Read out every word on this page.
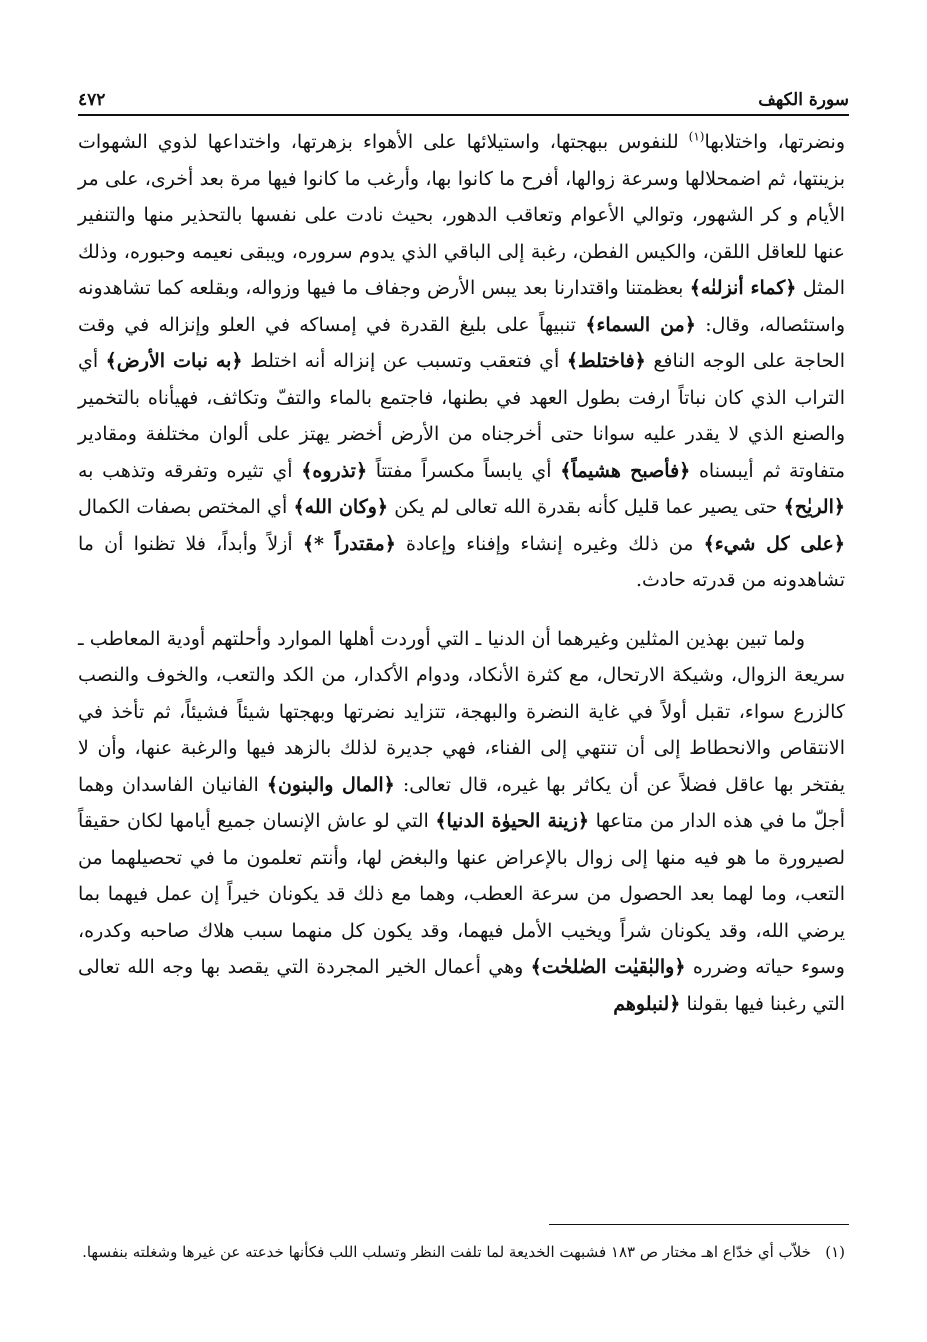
سورة الكهف
٤٧٢

ونضرتها، واختلابها$^{(١)}$ للنفوس ببهجتها، واستيلائها على الأهواء بزهرتها، واختداعها لذوي الشهوات بزينتها، ثم اضمحلالها وسرعة زوالها، أفرح ما كانوا بها، وأرغب ما كانوا فيها مرة بعد أخرى، على مر الأيام و كر الشهور، وتوالي الأعوام وتعاقب الدهور، بحيث نادت على نفسها بالتحذير منها والتنفير عنها للعاقل اللقن، والكيس الفطن، رغبة إلى الباقي الذي يدوم سروره، ويبقى نعيمه وحبوره، وذلك المثل ﴿كماء أنزلنٰه﴾ بعظمتنا واقتدارنا بعد يبس الأرض وجفاف ما فيها وزواله، وبقلعه كما تشاهدونه واستئصاله، وقال: ﴿من السماء﴾ تنبيهاً على بليغ القدرة في إمساكه في العلو وإنزاله في وقت الحاجة على الوجه النافع ﴿فاختلط﴾ أي فتعقب وتسبب عن إنزاله أنه اختلط ﴿به نبات الأرض﴾ أي التراب الذي كان نباتاً ارفت بطول العهد في بطنها، فاجتمع بالماء والتفّ وتكاثف، فهيأناه بالتخمير والصنع الذي لا يقدر عليه سوانا حتى أخرجناه من الأرض أخضر يهتز على ألوان مختلفة ومقادير متفاوتة ثم أيبسناه ﴿فأصبح هشيماً﴾ أي يابساً مكسراً مفتتاً ﴿تذروه﴾ أي تثيره وتفرقه وتذهب به ﴿الريٰح﴾ حتى يصير عما قليل كأنه بقدرة الله تعالى لم يكن ﴿وكان الله﴾ أي المختص بصفات الكمال ﴿على كل شيء﴾ من ذلك وغيره إنشاء وإفناء وإعادة ﴿مقتدراً *﴾ أزلاً وأبداً، فلا تظنوا أن ما تشاهدونه من قدرته حادث.

ولما تبين بهذين المثلين وغيرهما أن الدنيا ـ التي أوردت أهلها الموارد وأحلتهم أودية المعاطب ـ سريعة الزوال، وشيكة الارتحال، مع كثرة الأنكاد، ودوام الأكدار، من الكد والتعب، والخوف والنصب كالزرع سواء، تقبل أولاً في غاية النضرة والبهجة، تتزايد نضرتها وبهجتها شيئاً فشيئاً، ثم تأخذ في الانتقاص والانحطاط إلى أن تنتهي إلى الفناء، فهي جديرة لذلك بالزهد فيها والرغبة عنها، وأن لا يفتخر بها عاقل فضلاً عن أن يكاثر بها غيره، قال تعالى: ﴿المال والبنون﴾ الفانيان الفاسدان وهما أجلّ ما في هذه الدار من متاعها ﴿زينة الحيوٰة الدنيا﴾ التي لو عاش الإنسان جميع أيامها لكان حقيقاً لصيرورة ما هو فيه منها إلى زوال بالإعراض عنها والبغض لها، وأنتم تعلمون ما في تحصيلهما من التعب، وما لهما بعد الحصول من سرعة العطب، وهما مع ذلك قد يكونان خيراً إن عمل فيهما بما يرضي الله، وقد يكونان شراً ويخيب الأمل فيهما، وقد يكون كل منهما سبب هلاك صاحبه وكدره، وسوء حياته وضرره ﴿والبٰقيٰت الصٰلحٰت﴾ وهي أعمال الخير المجردة التي يقصد بها وجه الله تعالى التي رغبنا فيها بقولنا ﴿لنبلوهم

(١)   خلاّب أي خدّاع اهـ مختار ص ١٨٣ فشبهت الخديعة لما تلفت النظر وتسلب اللب فكأنها خدعته عن غيرها وشغلته بنفسها.
